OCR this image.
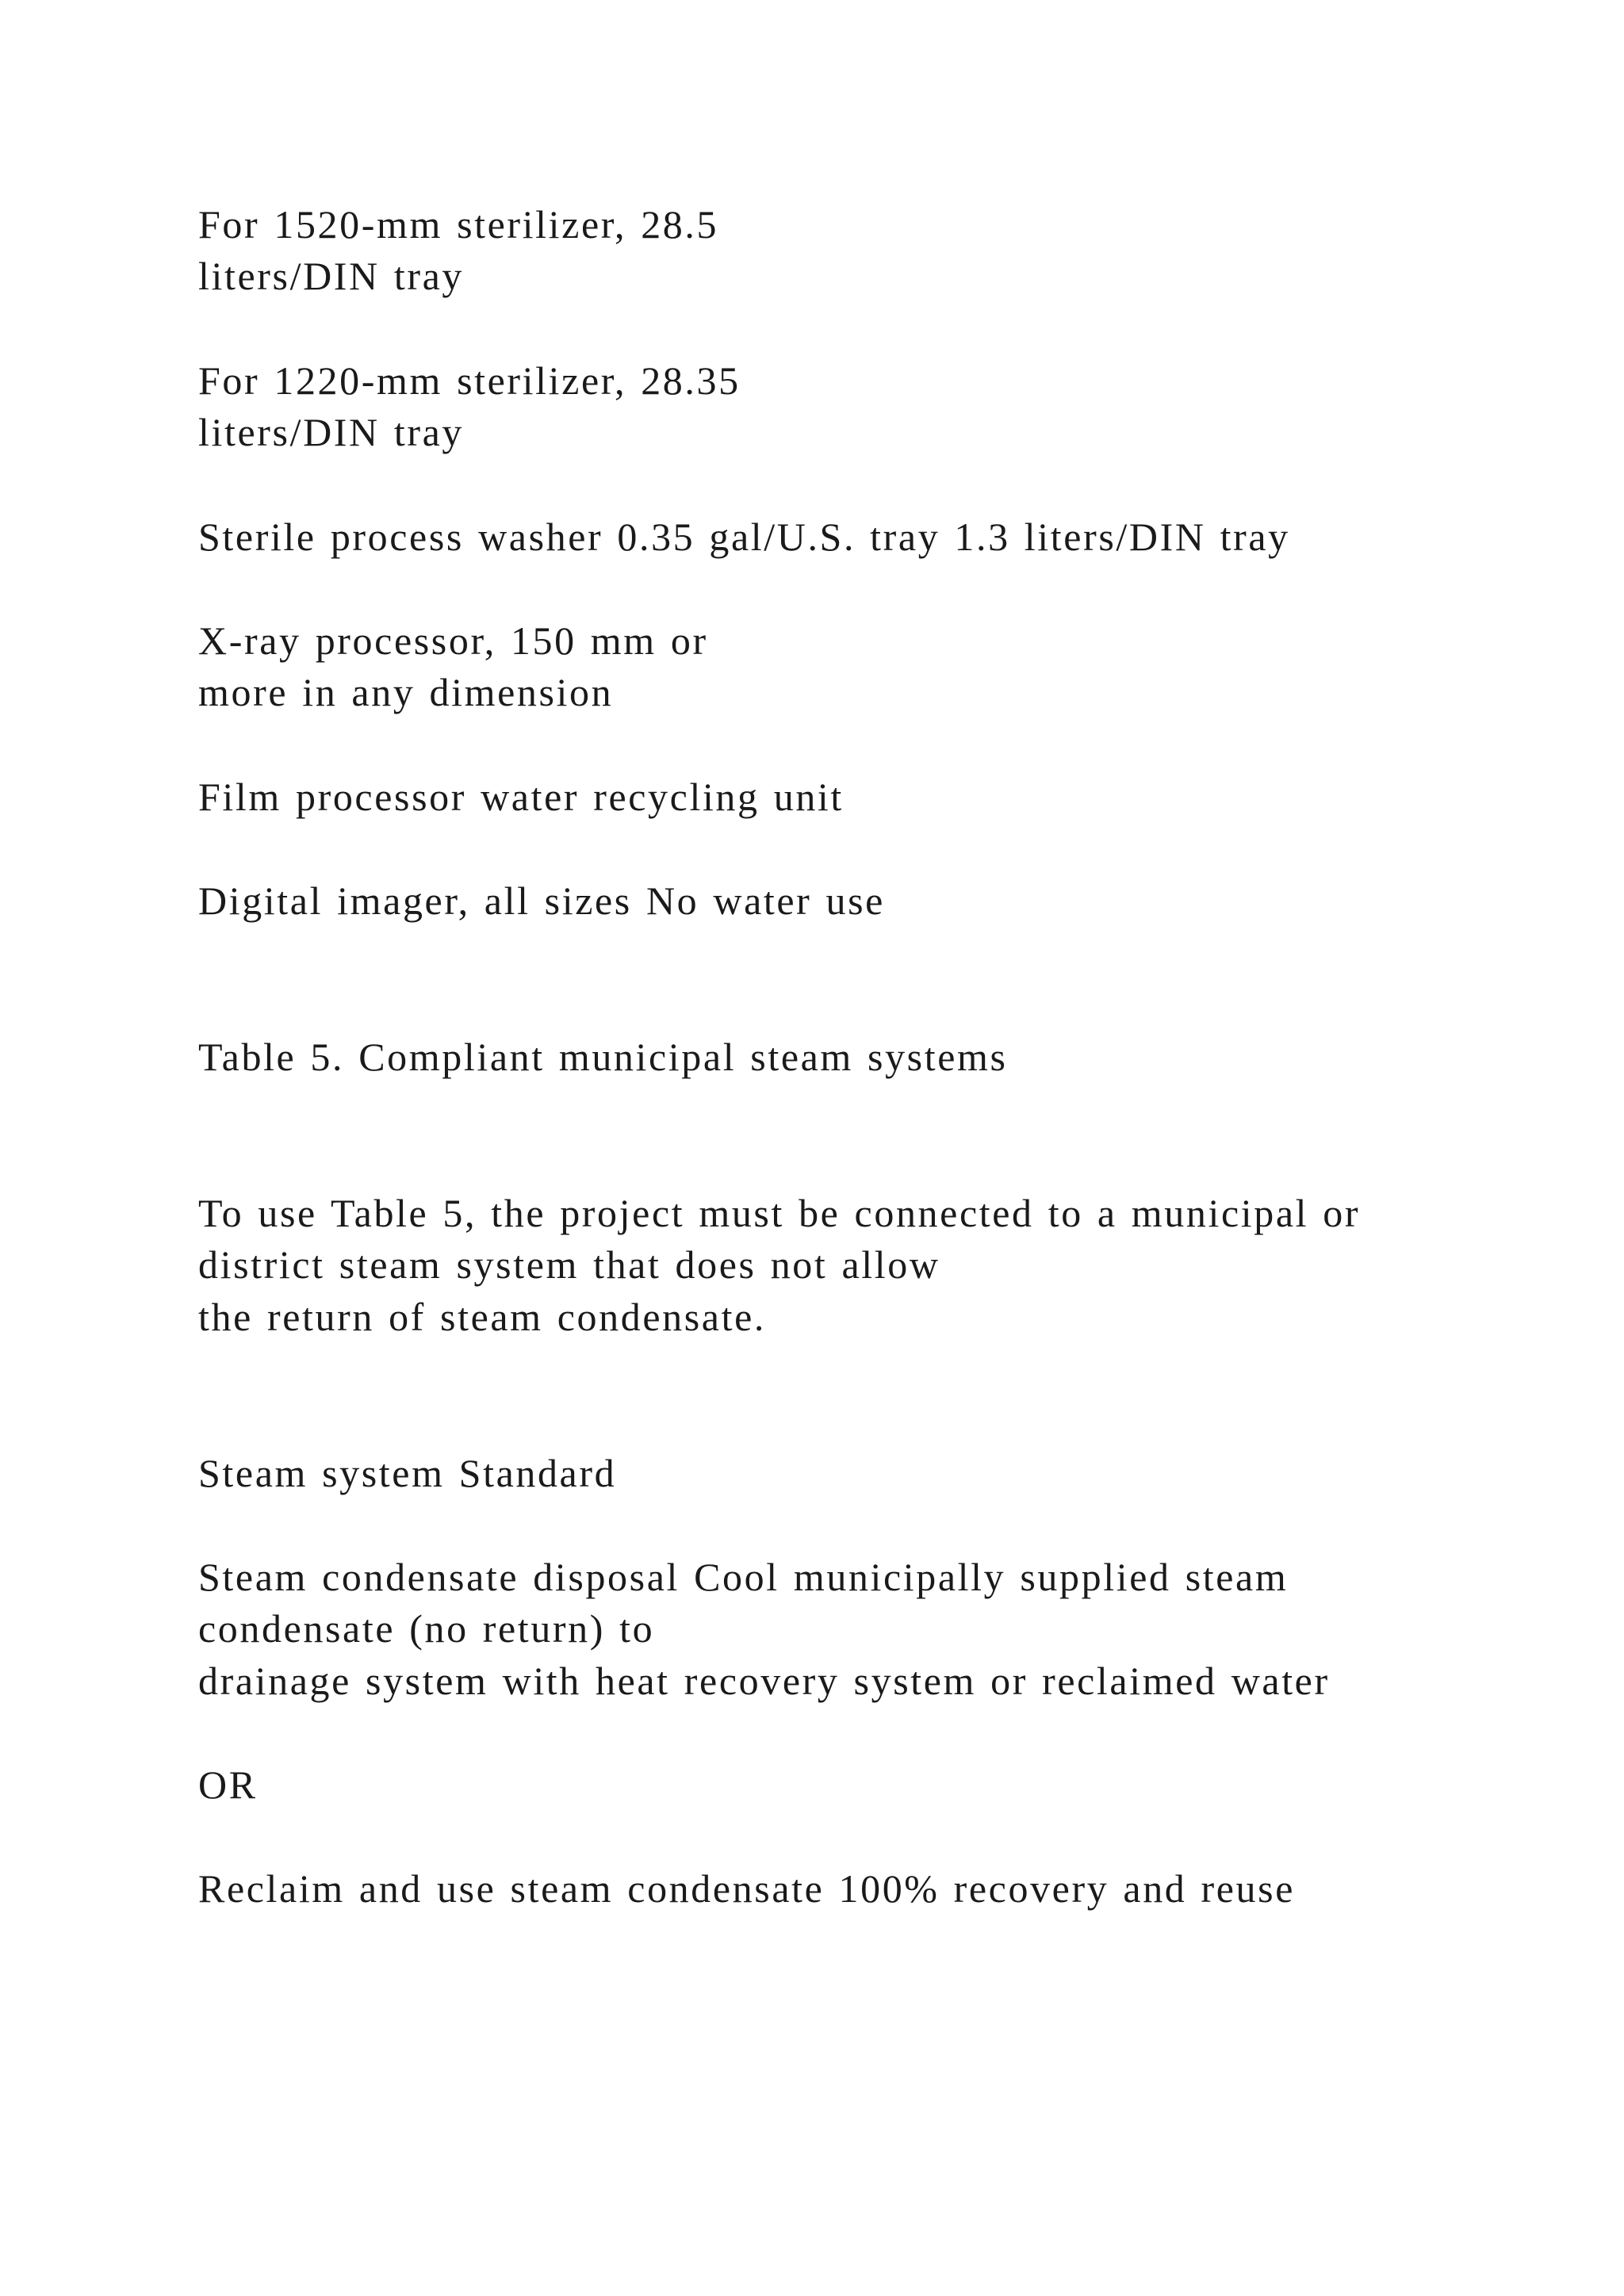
For 1520-mm sterilizer, 28.5

liters/DIN tray

For 1220-mm sterilizer, 28.35

liters/DIN tray

Sterile process washer 0.35 gal/U.S. tray 1.3 liters/DIN tray

X-ray processor, 150 mm or

more in any dimension

Film processor water recycling unit

Digital imager, all sizes No water use

Table 5. Compliant municipal steam systems

To use Table 5, the project must be connected to a municipal or

district steam system that does not allow

the return of steam condensate.

Steam system Standard

Steam condensate disposal Cool municipally supplied steam

condensate (no return) to

drainage system with heat recovery system or reclaimed water

OR

Reclaim and use steam condensate 100% recovery and reuse
